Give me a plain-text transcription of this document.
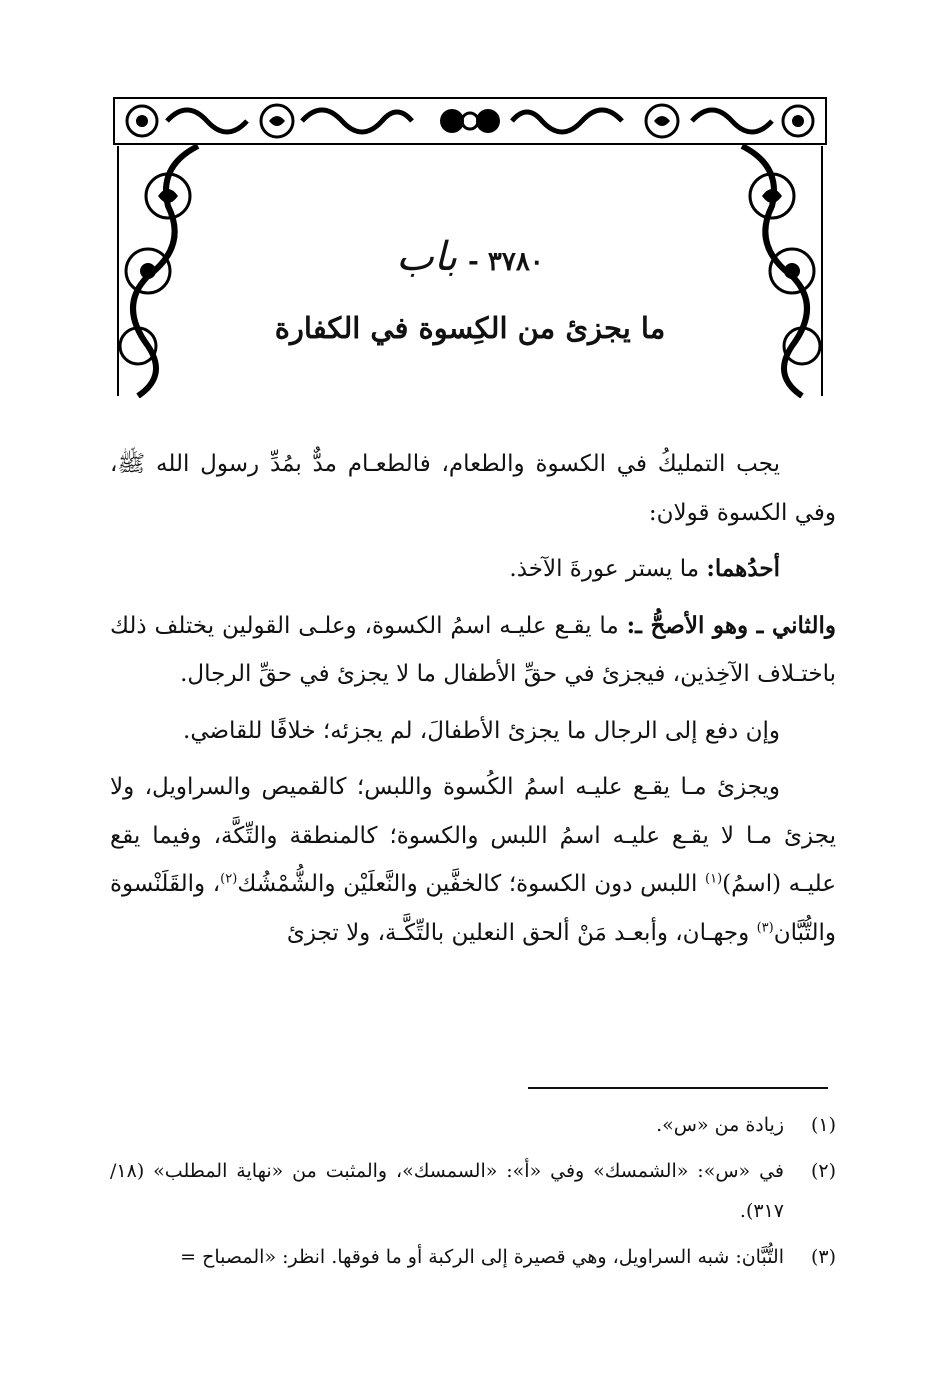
٣٧٨٠ - باب
ما يجزئ من الكِسوة في الكفارة

يجب التمليكُ في الكسوة والطعام، فالطعـام مدٌّ بمُدِّ رسول الله ﷺ، وفي الكسوة قولان:

أحدُهما: ما يستر عورةَ الآخذ.

والثاني ـ وهو الأصحُّ ـ: ما يقـع عليـه اسمُ الكسوة، وعلـى القولين يختلف ذلك باختـلاف الآخِذين، فيجزئ في حقِّ الأطفال ما لا يجزئ في حقِّ الرجال.

وإن دفع إلى الرجال ما يجزئ الأطفالَ، لم يجزئه؛ خلافًا للقاضي.

ويجزئ مـا يقـع عليـه اسمُ الكُسوة واللبس؛ كالقميص والسراويل، ولا يجزئ مـا لا يقـع عليـه اسمُ اللبس والكسوة؛ كالمنطقة والتِّكَّة، وفيما يقع عليـه (اسمُ)$^{(١)}$ اللبس دون الكسوة؛ كالخفَّين والنَّعلَيْن والشُّمْشُك$^{(٢)}$، والقَلَنْسوة والتُّبَّان$^{(٣)}$ وجهـان، وأبعـد مَنْ ألحق النعلين بالتِّكَّـة، ولا تجزئ

(١)
زيادة من «س».
(٢)
في «س»: «الشمسك» وفي «أ»: «السمسك»، والمثبت من «نهاية المطلب» (١٨/ ٣١٧).
(٣)
التُّبَّان: شبه السراويل، وهي قصيرة إلى الركبة أو ما فوقها. انظر: «المصباح =
